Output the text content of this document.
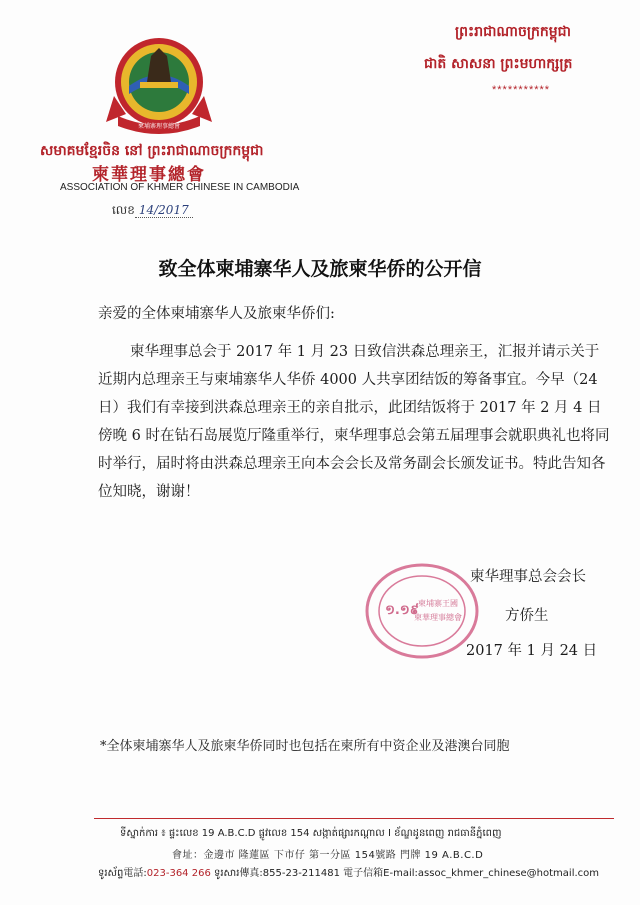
柬埔寨理事總會
សមាគមខ្មែរចិន នៅ ព្រះរាជាណាចក្រកម្ពុជា
柬華理事總會
ASSOCIATION OF KHMER CHINESE IN CAMBODIA
លេខ 14/2017
ព្រះរាជាណាចក្រកម្ពុជា
ជាតិ សាសនា ព្រះមហាក្សត្រ
***********
致全体柬埔寨华人及旅柬华侨的公开信
亲爱的全体柬埔寨华人及旅柬华侨们:

柬华理事总会于 2017 年 1 月 23 日致信洪森总理亲王，汇报并请示关于近期内总理亲王与柬埔寨华人华侨 4000 人共享团结饭的筹备事宜。今早（24 日）我们有幸接到洪森总理亲王的亲自批示，此团结饭将于 2017 年 2 月 4 日傍晚 6 时在钻石岛展览厅隆重举行，柬华理事总会第五届理事会就职典礼也将同时举行，届时将由洪森总理亲王向本会会长及常务副会长颁发证书。特此告知各位知晓，谢谢！

១.១៩ 柬埔寨王國
柬華理事總會
柬华理事总会会长
方侨生
2017 年 1 月 24 日
*全体柬埔寨华人及旅柬华侨同时也包括在柬所有中资企业及港澳台同胞
ទីស្នាក់ការ ៖ ផ្ទះលេខ 19 A.B.C.D ផ្លូវលេខ 154 សង្កាត់ផ្សារកណ្តាល I ខ័ណ្ឌដូនពេញ រាជធានីភ្នំពេញ
會址：金邊市 隆蓮區 下市仔 第一分區 154號路 門牌 19 A.B.C.D
ទូរស័ព្ទ電話:023-364 266 ទូរសារ傳真:855-23-211481 電子信箱E-mail:assoc_khmer_chinese@hotmail.com
